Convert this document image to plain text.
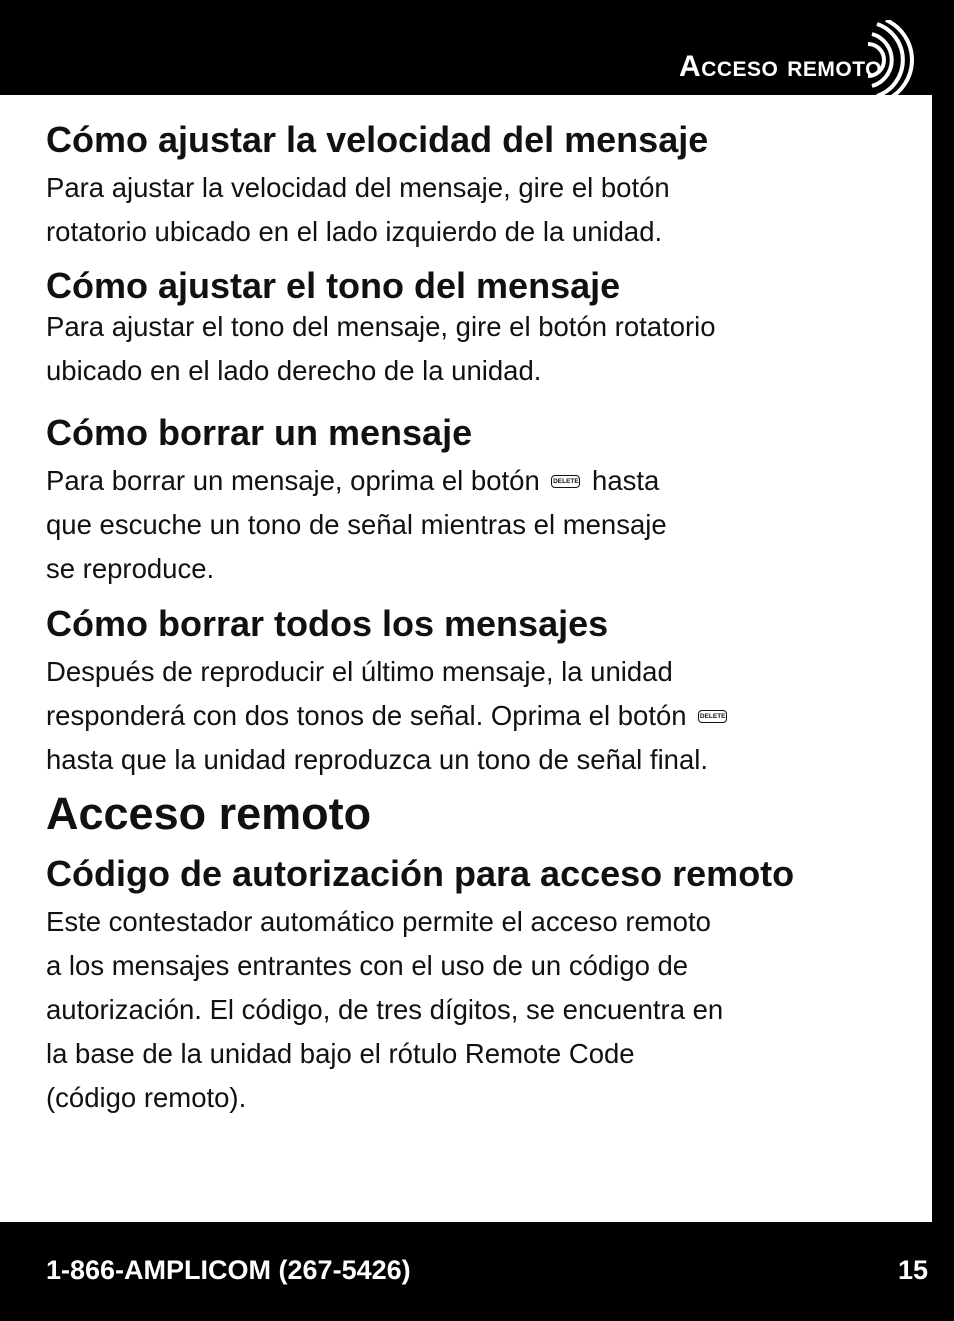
Acceso remoto
Cómo ajustar la velocidad del mensaje
Para ajustar la velocidad del mensaje, gire el botón
rotatorio ubicado en el lado izquierdo de la unidad.
Cómo ajustar el tono del mensaje
Para ajustar el tono del mensaje, gire el botón rotatorio
ubicado en el lado derecho de la unidad.
Cómo borrar un mensaje
Para borrar un mensaje, oprima el botón DELETE hasta
que escuche un tono de señal mientras el mensaje
se reproduce.
Cómo borrar todos los mensajes
Después de reproducir el último mensaje, la unidad
responderá con dos tonos de señal. Oprima el botón DELETE
hasta que la unidad reproduzca un tono de señal final.
Acceso remoto
Código de autorización para acceso remoto
Este contestador automático permite el acceso remoto
a los mensajes entrantes con el uso de un código de
autorización. El código, de tres dígitos, se encuentra en
la base de la unidad bajo el rótulo Remote Code
(código remoto).
1-866-AMPLICOM (267-5426)	15
